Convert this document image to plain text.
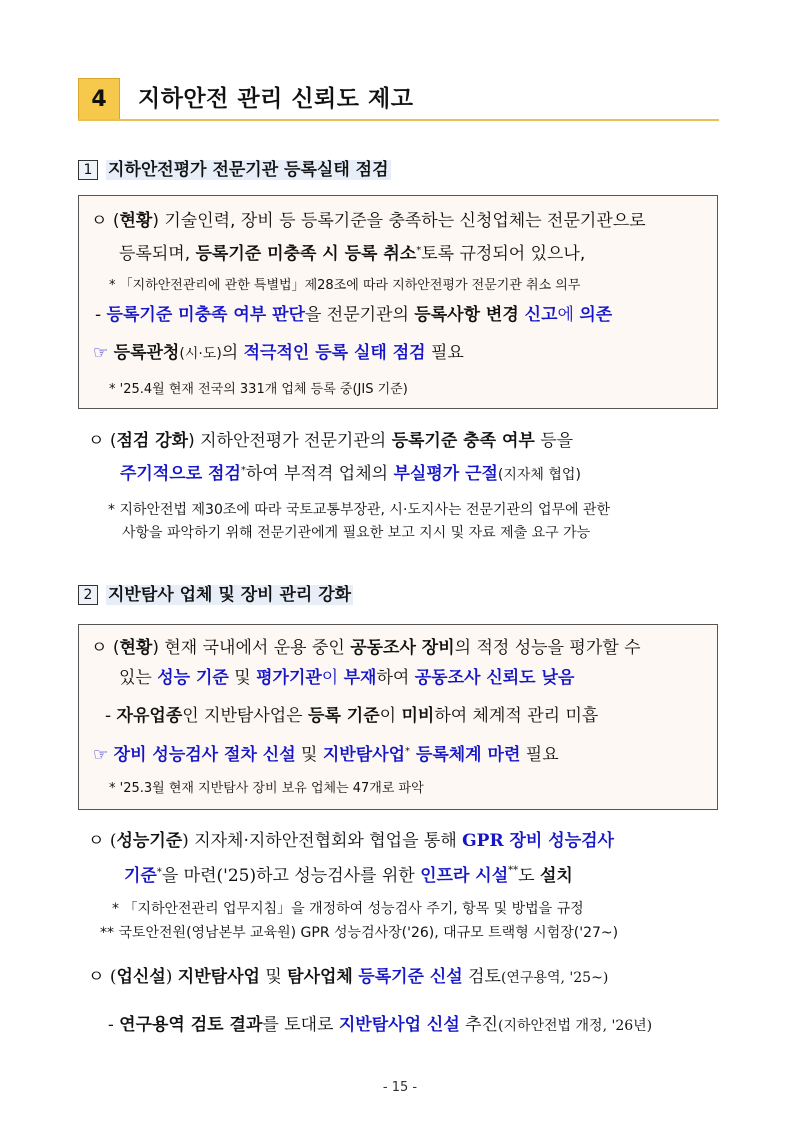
4 지하안전 관리 신뢰도 제고
1 지하안전평가 전문기관 등록실태 점검
ㅇ (현황) 기술인력, 장비 등 등록기준을 충족하는 신청업체는 전문기관으로
등록되며, 등록기준 미충족 시 등록 취소*토록 규정되어 있으나,
* 「지하안전관리에 관한 특별법」제28조에 따라 지하안전평가 전문기관 취소 의무
- 등록기준 미충족 여부 판단을 전문기관의 등록사항 변경 신고에 의존
☞ 등록관청(시·도)의 적극적인 등록 실태 점검 필요
* '25.4월 현재 전국의 331개 업체 등록 중(JIS 기준)
ㅇ (점검 강화) 지하안전평가 전문기관의 등록기준 충족 여부 등을
주기적으로 점검*하여 부적격 업체의 부실평가 근절(지자체 협업)
* 지하안전법 제30조에 따라 국토교통부장관, 시·도지사는 전문기관의 업무에 관한
사항을 파악하기 위해 전문기관에게 필요한 보고 지시 및 자료 제출 요구 가능
2 지반탐사 업체 및 장비 관리 강화
ㅇ (현황) 현재 국내에서 운용 중인 공동조사 장비의 적정 성능을 평가할 수
있는 성능 기준 및 평가기관이 부재하여 공동조사 신뢰도 낮음
- 자유업종인 지반탐사업은 등록 기준이 미비하여 체계적 관리 미흡
☞ 장비 성능검사 절차 신설 및 지반탐사업* 등록체계 마련 필요
* '25.3월 현재 지반탐사 장비 보유 업체는 47개로 파악
ㅇ (성능기준) 지자체·지하안전협회와 협업을 통해 GPR 장비 성능검사
기준*을 마련('25)하고 성능검사를 위한 인프라 시설**도 설치
* 「지하안전관리 업무지침」을 개정하여 성능검사 주기, 항목 및 방법을 규정
** 국토안전원(영남본부 교육원) GPR 성능검사장('26), 대규모 트랙형 시험장('27~)
ㅇ (업신설) 지반탐사업 및 탐사업체 등록기준 신설 검토(연구용역, '25~)
- 연구용역 검토 결과를 토대로 지반탐사업 신설 추진(지하안전법 개정, '26년)
- 15 -
